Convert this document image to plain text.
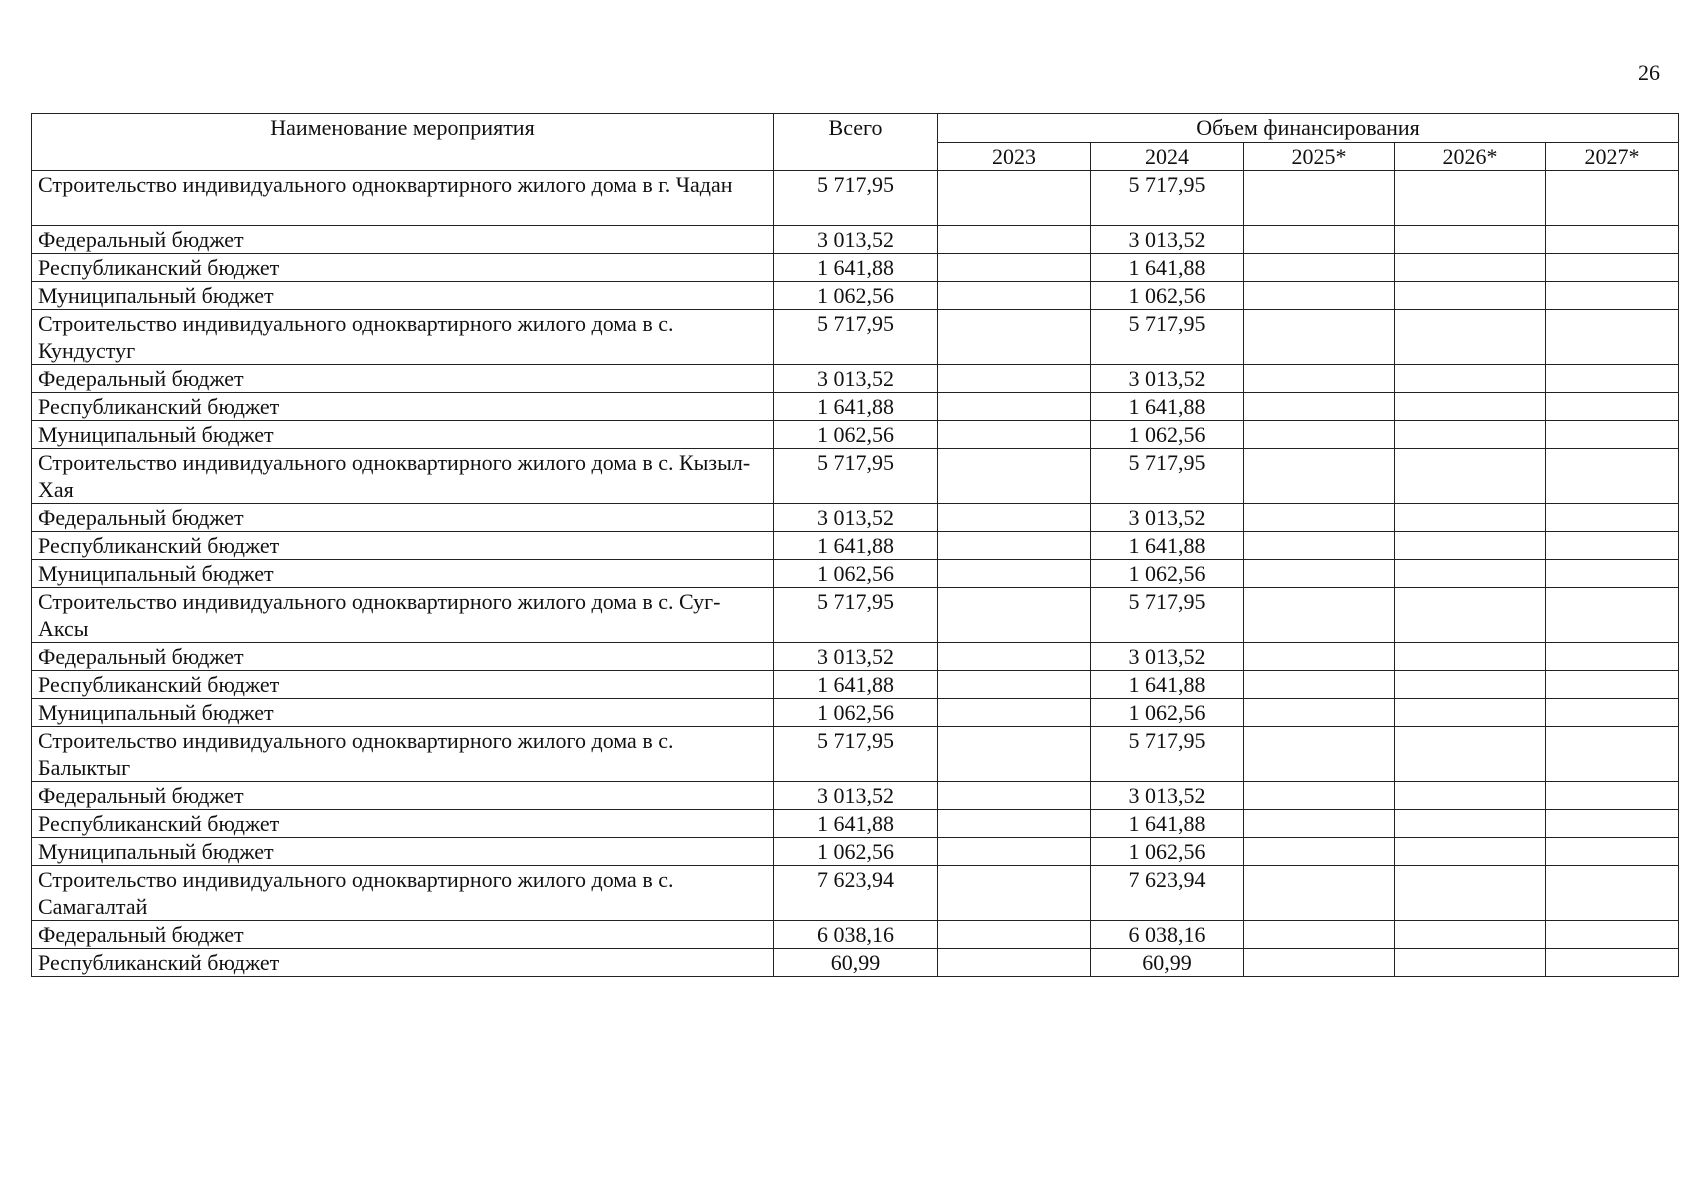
26
Наименование мероприятия	Всего	Объем финансирования				
		2023	2024	2025*	2026*	2027*
Строительство индивидуального одноквартирного жилого дома в г. Чадан	5 717,95		5 717,95			
Федеральный бюджет	3 013,52		3 013,52			
Республиканский бюджет	1 641,88		1 641,88			
Муниципальный бюджет	1 062,56		1 062,56			
Строительство индивидуального одноквартирного жилого дома в с. Кундустуг	5 717,95		5 717,95			
Федеральный бюджет	3 013,52		3 013,52			
Республиканский бюджет	1 641,88		1 641,88			
Муниципальный бюджет	1 062,56		1 062,56			
Строительство индивидуального одноквартирного жилого дома в с. Кызыл-Хая	5 717,95		5 717,95			
Федеральный бюджет	3 013,52		3 013,52			
Республиканский бюджет	1 641,88		1 641,88			
Муниципальный бюджет	1 062,56		1 062,56			
Строительство индивидуального одноквартирного жилого дома в с. Суг-Аксы	5 717,95		5 717,95			
Федеральный бюджет	3 013,52		3 013,52			
Республиканский бюджет	1 641,88		1 641,88			
Муниципальный бюджет	1 062,56		1 062,56			
Строительство индивидуального одноквартирного жилого дома в с. Балыктыг	5 717,95		5 717,95			
Федеральный бюджет	3 013,52		3 013,52			
Республиканский бюджет	1 641,88		1 641,88			
Муниципальный бюджет	1 062,56		1 062,56			
Строительство индивидуального одноквартирного жилого дома в с. Самагалтай	7 623,94		7 623,94			
Федеральный бюджет	6 038,16		6 038,16			
Республиканский бюджет	60,99		60,99			
